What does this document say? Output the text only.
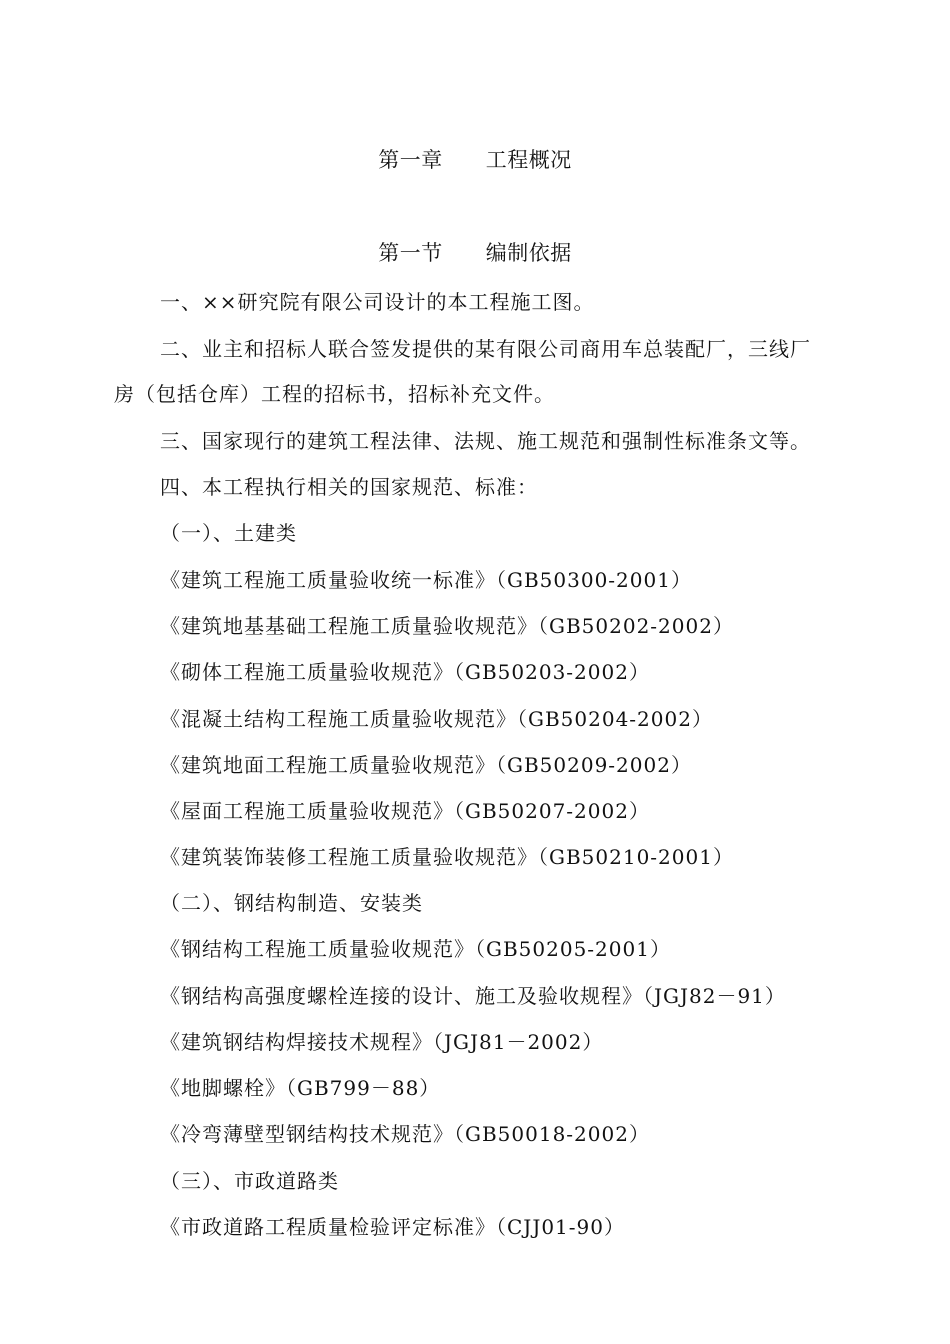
第一章　　工程概况
第一节　　编制依据
一、××研究院有限公司设计的本工程施工图。
二、业主和招标人联合签发提供的某有限公司商用车总装配厂，三线厂
房（包括仓库）工程的招标书，招标补充文件。
三、国家现行的建筑工程法律、法规、施工规范和强制性标准条文等。
四、本工程执行相关的国家规范、标准：
（一）、土建类
《建筑工程施工质量验收统一标准》（GB50300-2001）
《建筑地基基础工程施工质量验收规范》（GB50202-2002）
《砌体工程施工质量验收规范》（GB50203-2002）
《混凝土结构工程施工质量验收规范》（GB50204-2002）
《建筑地面工程施工质量验收规范》（GB50209-2002）
《屋面工程施工质量验收规范》（GB50207-2002）
《建筑装饰装修工程施工质量验收规范》（GB50210-2001）
（二）、钢结构制造、安装类
《钢结构工程施工质量验收规范》（GB50205-2001）
《钢结构高强度螺栓连接的设计、施工及验收规程》（JGJ82－91）
《建筑钢结构焊接技术规程》（JGJ81－2002）
《地脚螺栓》（GB799－88）
《冷弯薄壁型钢结构技术规范》（GB50018-2002）
（三）、市政道路类
《市政道路工程质量检验评定标准》（CJJ01-90）
